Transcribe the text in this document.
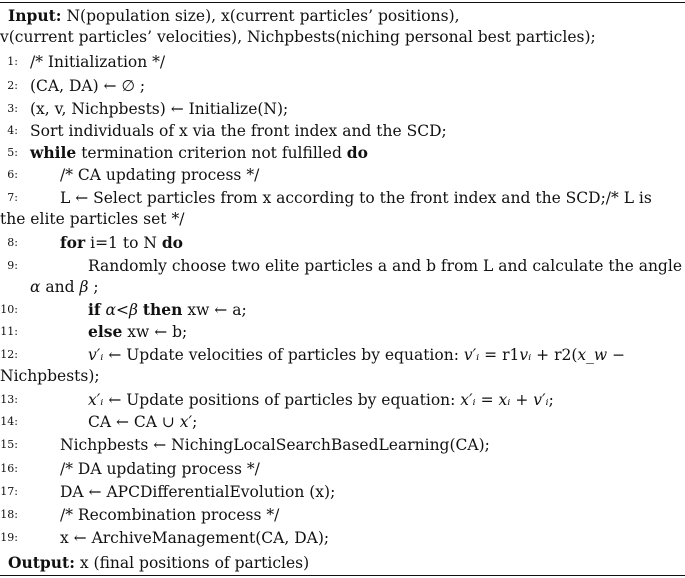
Input: N(population size), x(current particles’ positions),
v(current particles’ velocities), Nichpbests(niching personal best particles);
1: /* Initialization */
2: (CA, DA) ← ∅ ;
3: (x, v, Nichpbests) ← Initialize(N);
4: Sort individuals of x via the front index and the SCD;
5: while termination criterion not fulfilled do
6:	/* CA updating process */
7:	L ← Select particles from x according to the front index and the SCD;/* L is
the elite particles set */
8:	for i=1 to N do
9:	Randomly choose two elite particles a and b from L and calculate the angle
α and β ;
10:	if α<β then xw ← a;
11:	else xw ← b;
12:	v′ᵢ ← Update velocities of particles by equation: v′ᵢ = r1vᵢ + r2(x_w −
Nichpbests);
13:	x′ᵢ ← Update positions of particles by equation: x′ᵢ = xᵢ + v′ᵢ;
14:	CA ← CA ∪ x′;
15:	Nichpbests ← NichingLocalSearchBasedLearning(CA);
16:	/* DA updating process */
17:	DA ← APCDifferentialEvolution (x);
18:	/* Recombination process */
19:	x ← ArchiveManagement(CA, DA);
Output: x (final positions of particles)
